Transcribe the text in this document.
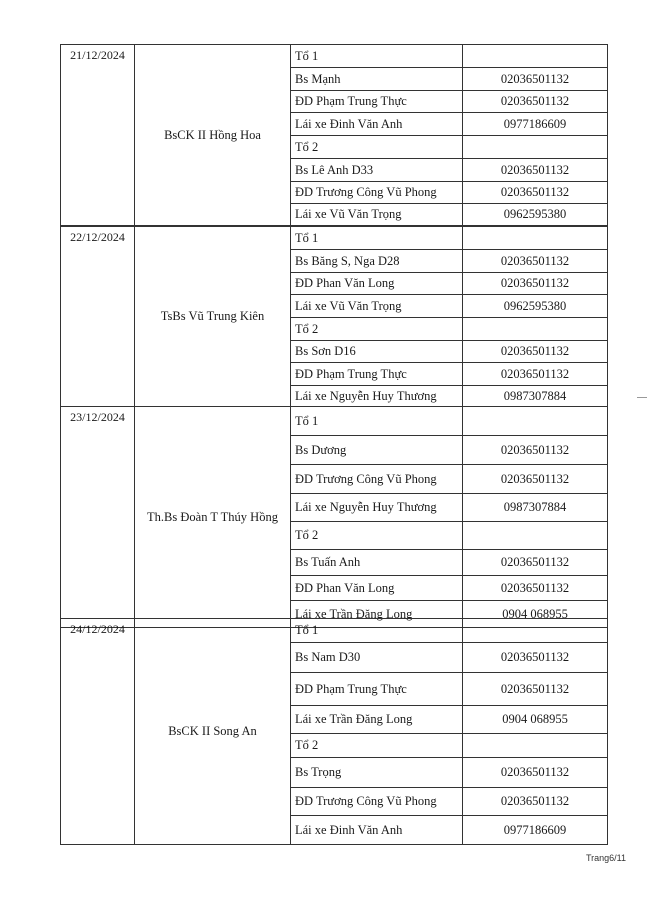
21/12/2024
BsCK II Hồng Hoa
Tổ 1
Bs Mạnh	02036501132
ĐD Phạm Trung Thực	02036501132
Lái xe Đinh Văn Anh	0977186609
Tổ 2
Bs Lê Anh D33	02036501132
ĐD Trương Công Vũ Phong	02036501132
Lái xe Vũ Văn Trọng	0962595380
22/12/2024
TsBs Vũ Trung Kiên
Tổ 1
Bs Băng S, Nga D28	02036501132
ĐD Phan Văn Long	02036501132
Lái xe Vũ Văn Trọng	0962595380
Tổ 2
Bs Sơn D16	02036501132
ĐD Phạm Trung Thực	02036501132
Lái xe Nguyễn Huy Thương	0987307884
23/12/2024
Th.Bs Đoàn T Thúy Hồng
Tổ 1
Bs Dương	02036501132
ĐD Trương Công Vũ Phong	02036501132
Lái xe Nguyễn Huy Thương	0987307884
Tổ 2
Bs Tuấn Anh	02036501132
ĐD Phan Văn Long	02036501132
Lái xe Trần Đăng Long	0904 068955
24/12/2024
BsCK II Song An
Tổ 1
Bs Nam D30	02036501132
ĐD Phạm Trung Thực	02036501132
Lái xe Trần Đăng Long	0904 068955
Tổ 2
Bs Trọng	02036501132
ĐD Trương Công Vũ Phong	02036501132
Lái xe Đinh Văn Anh	0977186609
Trang6/11
